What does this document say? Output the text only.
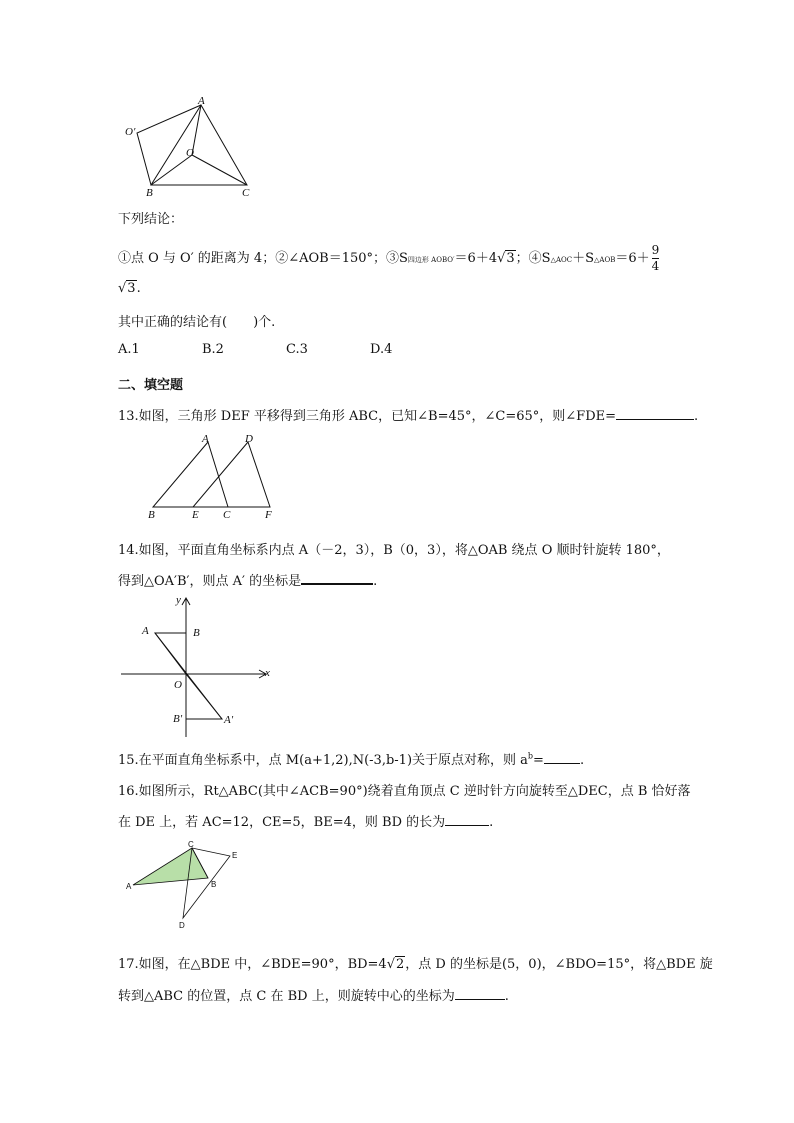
O′
A
O
B	C
下列结论：
①点 O 与 O′ 的距离为 4；②∠AOB＝150°；③S四边形 AOBO′＝6＋4√3；④S△AOC＋S△AOB＝6＋ $\frac{9}{4}$
√3.
其中正确的结论有(　　)个.
A.1	B.2	C.3	D.4
二、填空题
13.如图，三角形 DEF 平移得到三角形 ABC，已知∠B=45°，∠C=65°，则∠FDE=	.
A	D
B	E C	F
14.如图，平面直角坐标系内点 A（－2，3），B（0，3），将△OAB 绕点 O 顺时针旋转 180°，
得到△OA′B′，则点 A′ 的坐标是	.
y
x
A	B
O
B′	A′
15.在平面直角坐标系中，点 M(a+1,2),N(-3,b-1)关于原点对称，则 $a^b=$	.
16.如图所示，Rt△ABC(其中∠ACB=90°)绕着直角顶点 C 逆时针方向旋转至△DEC，点 B 恰好落
在 DE 上，若 AC=12，CE=5，BE=4，则 BD 的长为	.
C
E
A	B
D
17.如图，在△BDE 中，∠BDE=90°，BD=4√2，点 D 的坐标是(5，0)，∠BDO=15°，将△BDE 旋
转到△ABC 的位置，点 C 在 BD 上，则旋转中心的坐标为	.
